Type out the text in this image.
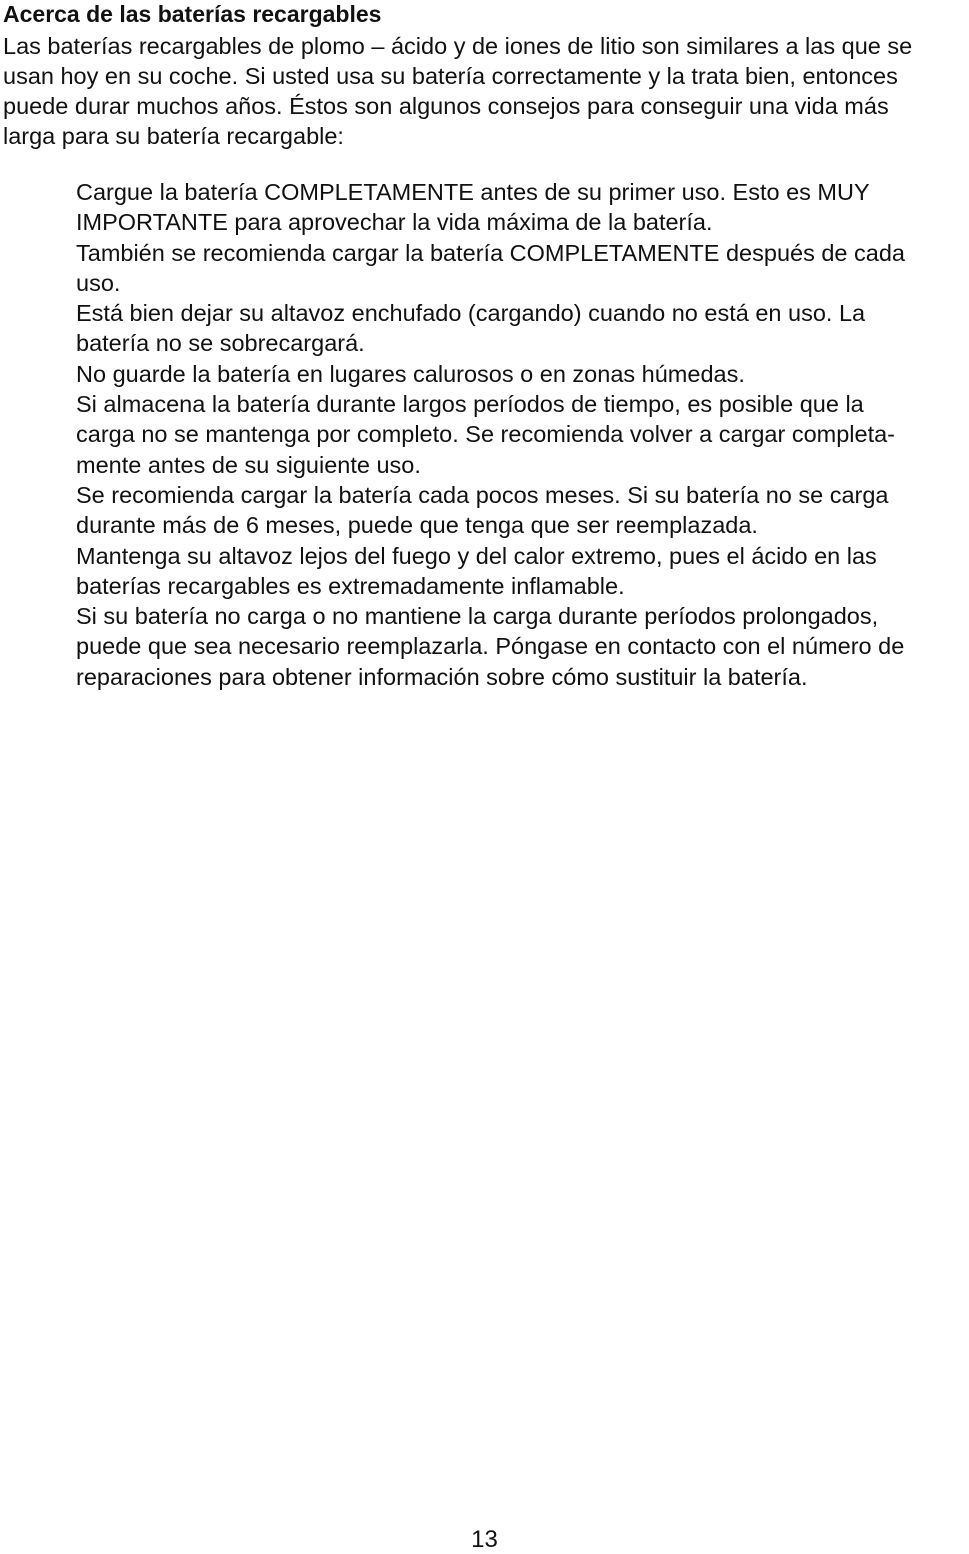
Acerca de las baterías recargables

Las baterías recargables de plomo – ácido y de iones de litio son similares a las que se
usan hoy en su coche. Si usted usa su batería correctamente y la trata bien, entonces
puede durar muchos años. Éstos son algunos consejos para conseguir una vida más
larga para su batería recargable:

Cargue la batería COMPLETAMENTE antes de su primer uso. Esto es MUY
IMPORTANTE para aprovechar la vida máxima de la batería.
También se recomienda cargar la batería COMPLETAMENTE después de cada
uso.
Está bien dejar su altavoz enchufado (cargando) cuando no está en uso. La
batería no se sobrecargará.
No guarde la batería en lugares calurosos o en zonas húmedas.
Si almacena la batería durante largos períodos de tiempo, es posible que la
carga no se mantenga por completo. Se recomienda volver a cargar completa-
mente antes de su siguiente uso.
Se recomienda cargar la batería cada pocos meses. Si su batería no se carga
durante más de 6 meses, puede que tenga que ser reemplazada.
Mantenga su altavoz lejos del fuego y del calor extremo, pues el ácido en las
baterías recargables es extremadamente inflamable.
Si su batería no carga o no mantiene la carga durante períodos prolongados,
puede que sea necesario reemplazarla. Póngase en contacto con el número de
reparaciones para obtener información sobre cómo sustituir la batería.
13
